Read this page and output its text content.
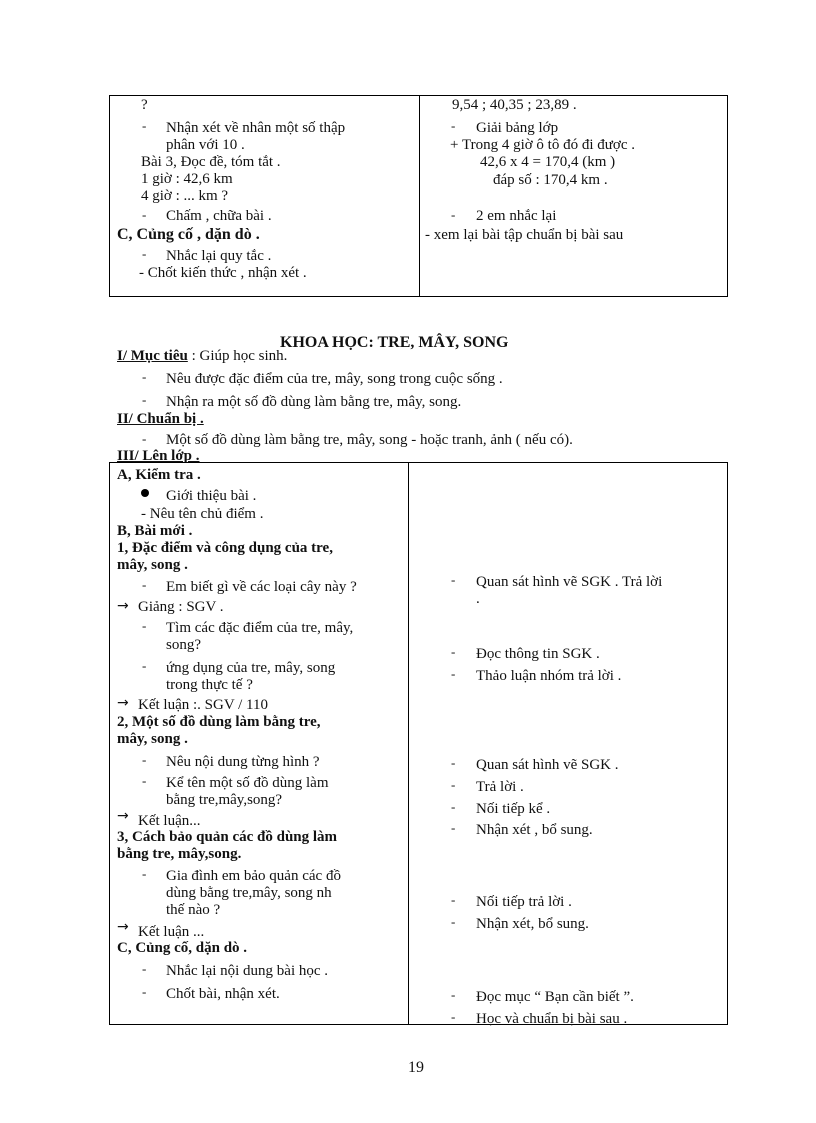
?
- Nhận xét về nhân một số thập
phân với 10 .
Bài 3, Đọc đề, tóm tắt .
1 giờ : 42,6 km
4 giờ : ... km ?
- Chấm , chữa bài .
C, Củng cố , dặn dò .
- Nhắc lại quy tắc .
- Chốt kiến thức , nhận xét .
9,54 ; 40,35 ; 23,89 .
- Giải bảng lớp
+ Trong 4 giờ ô tô đó đi được .
42,6 x 4 = 170,4 (km )
đáp số : 170,4 km .
- 2 em nhắc lại
- xem lại bài tập chuẩn bị bài sau
KHOA HỌC: TRE, MÂY, SONG
I/ Mục tiêu : Giúp học sinh.
- Nêu được đặc điểm của tre, mây, song trong cuộc sống .
- Nhận ra một số đồ dùng làm bằng tre, mây, song.
II/ Chuẩn bị .
- Một số đồ dùng làm bằng tre, mây, song - hoặc tranh, ảnh ( nếu có).
III/ Lên lớp .
A, Kiểm tra .
Giới thiệu bài .
- Nêu tên chủ điểm .
B, Bài mới .
1, Đặc điểm và công dụng của tre,
mây, song .
- Em biết gì về các loại cây này ?
→ Giảng : SGV .
- Tìm các đặc điểm của tre, mây,
song?
- ứng dụng của tre, mây, song
trong thực tế ?
→ Kết luận :. SGV / 110
2, Một số đồ dùng làm bằng tre,
mây, song .
- Nêu nội dung từng hình ?
- Kể tên một số đồ dùng làm
bằng tre,mây,song?
→ Kết luận...
3, Cách bảo quản các đồ dùng làm
bằng tre, mây,song.
- Gia đình em bảo quản các đồ
dùng bằng tre,mây, song nh
thế nào ?
→ Kết luận ...
C, Củng cố, dặn dò .
- Nhắc lại nội dung bài học .
- Chốt bài, nhận xét.
- Quan sát hình vẽ SGK . Trả lời
.
- Đọc thông tin SGK .
- Thảo luận nhóm trả lời .
- Quan sát hình vẽ SGK .
- Trả lời .
- Nối tiếp kể .
- Nhận xét , bổ sung.
- Nối tiếp trả lời .
- Nhận xét, bổ sung.
- Đọc mục “ Bạn cần biết ”.
- Học và chuẩn bị bài sau .
19
